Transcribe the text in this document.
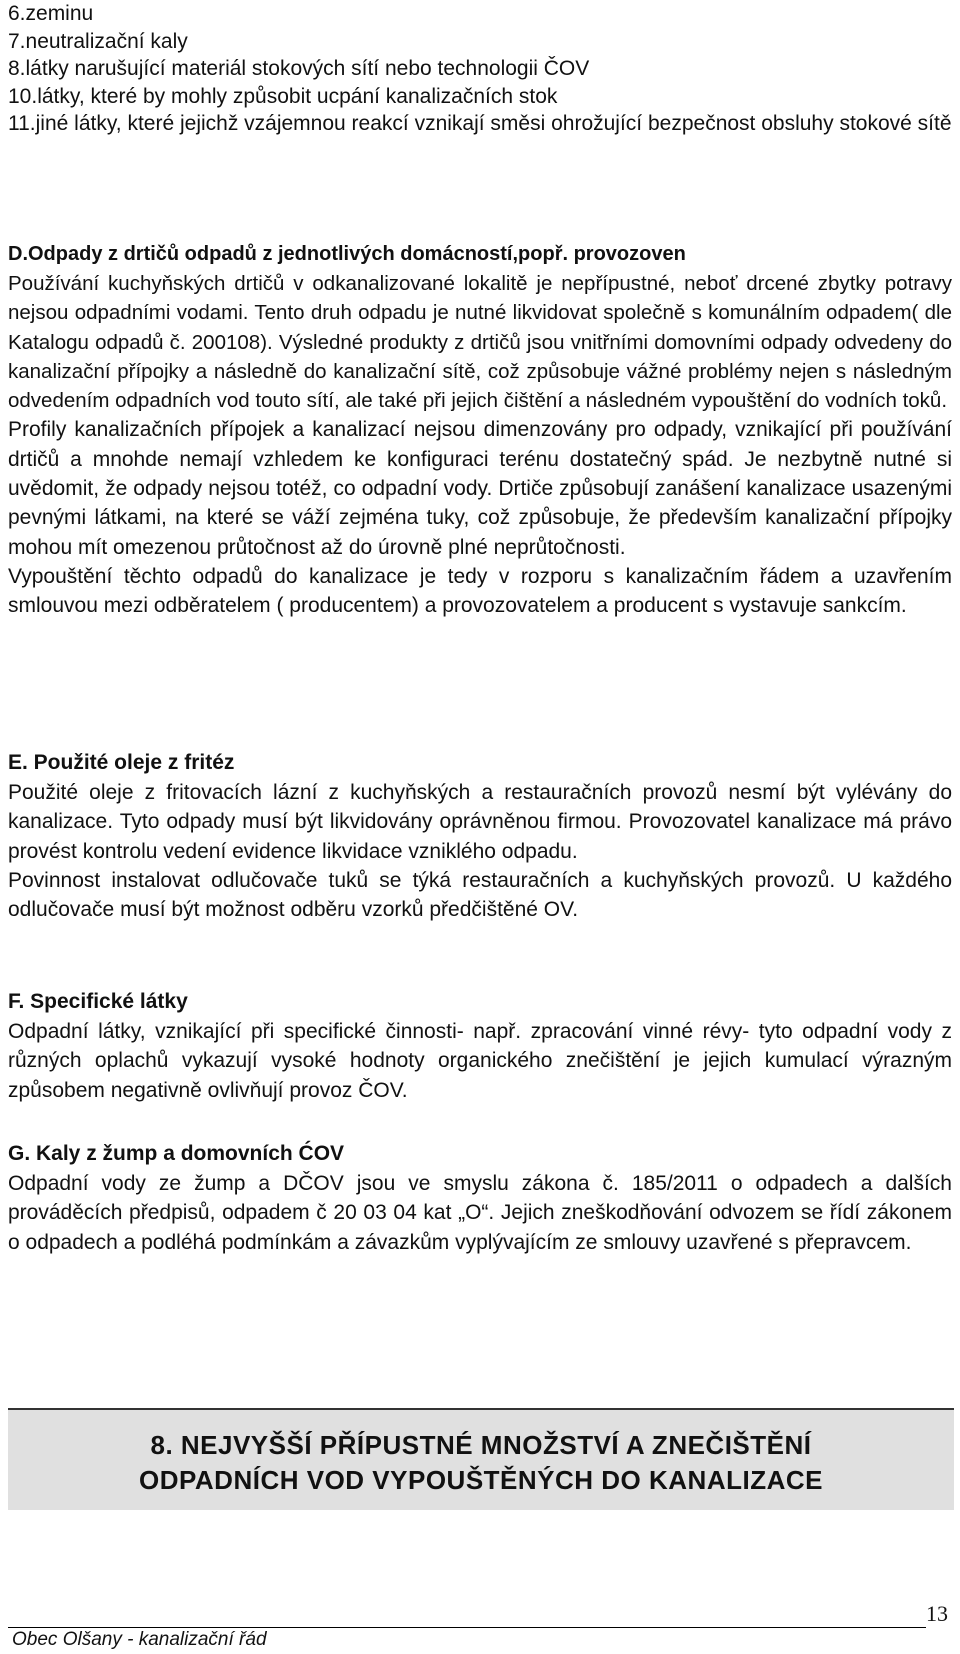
6.zeminu
7.neutralizační kaly
8.látky narušující materiál stokových sítí nebo technologii ČOV
10.látky, které by mohly způsobit ucpání kanalizačních stok
11.jiné látky, které jejichž vzájemnou reakcí vznikají směsi ohrožující bezpečnost obsluhy stokové sítě
D.Odpady z drtičů odpadů z jednotlivých domácností,popř. provozoven

Používání kuchyňských drtičů v odkanalizované lokalitě je nepřípustné, neboť drcené zbytky potravy nejsou odpadními vodami. Tento druh odpadu je nutné likvidovat společně s komunálním odpadem( dle Katalogu odpadů č. 200108). Výsledné produkty z drtičů jsou vnitřními domovními odpady odvedeny do kanalizační přípojky a následně do kanalizační sítě, což způsobuje vážné problémy nejen s následným odvedením odpadních vod touto sítí, ale také při jejich čištění a následném vypouštění do vodních toků.

Profily kanalizačních přípojek a kanalizací nejsou dimenzovány pro odpady, vznikající při používání drtičů a mnohde nemají vzhledem ke konfiguraci terénu dostatečný spád. Je nezbytně nutné si uvědomit, že odpady nejsou totéž, co odpadní vody. Drtiče způsobují zanášení kanalizace usazenými pevnými látkami, na které se váží zejména tuky, což způsobuje, že především kanalizační přípojky mohou mít omezenou průtočnost až do úrovně plné neprůtočnosti.

Vypouštění těchto odpadů do kanalizace je tedy v rozporu s kanalizačním řádem a uzavřením smlouvou mezi odběratelem ( producentem) a provozovatelem a producent s vystavuje sankcím.

E. Použité oleje z fritéz

Použité oleje z fritovacích lázní z kuchyňských a restauračních provozů nesmí být vylévány do kanalizace. Tyto odpady musí být likvidovány oprávněnou firmou. Provozovatel kanalizace má právo provést kontrolu vedení evidence likvidace vzniklého odpadu.

Povinnost instalovat odlučovače tuků se týká restauračních a kuchyňských provozů. U každého odlučovače musí být možnost odběru vzorků předčištěné OV.

F. Specifické látky

Odpadní látky, vznikající při specifické činnosti- např. zpracování vinné révy- tyto odpadní vody z různých oplachů vykazují vysoké hodnoty organického znečištění je jejich kumulací výrazným způsobem negativně ovlivňují provoz ČOV.

G. Kaly z žump a domovních ĆOV

Odpadní vody ze žump a DČOV jsou ve smyslu zákona č. 185/2011 o odpadech a dalších prováděcích předpisů, odpadem č 20 03 04 kat „O“. Jejich zneškodňování odvozem se řídí zákonem o odpadech a podléhá podmínkám a závazkům vyplývajícím ze smlouvy uzavřené s přepravcem.

8. NEJVYŠŠÍ PŘÍPUSTNÉ MNOŽSTVÍ A ZNEČIŠTĚNÍ
ODPADNÍCH VOD VYPOUŠTĚNÝCH DO KANALIZACE
Obec Olšany - kanalizační řád
13
